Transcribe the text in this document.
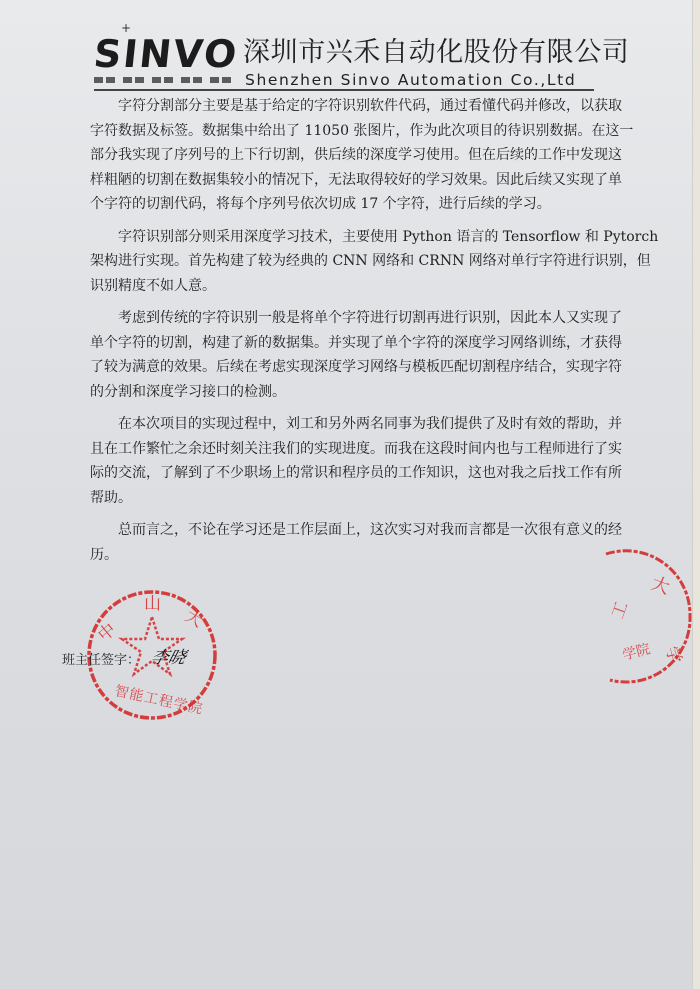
+
SINVO 深圳市兴禾自动化股份有限公司
Shenzhen Sinvo Automation Co.,Ltd
字符分割部分主要是基于给定的字符识别软件代码，通过看懂代码并修改，以获取
字符数据及标签。数据集中给出了 11050 张图片，作为此次项目的待识别数据。在这一
部分我实现了序列号的上下行切割，供后续的深度学习使用。但在后续的工作中发现这
样粗陋的切割在数据集较小的情况下，无法取得较好的学习效果。因此后续又实现了单
个字符的切割代码，将每个序列号依次切成 17 个字符，进行后续的学习。
字符识别部分则采用深度学习技术，主要使用 Python 语言的 Tensorflow 和 Pytorch
架构进行实现。首先构建了较为经典的 CNN 网络和 CRNN 网络对单行字符进行识别，但
识别精度不如人意。
考虑到传统的字符识别一般是将单个字符进行切割再进行识别，因此本人又实现了
单个字符的切割，构建了新的数据集。并实现了单个字符的深度学习网络训练，才获得
了较为满意的效果。后续在考虑实现深度学习网络与模板匹配切割程序结合，实现字符
的分割和深度学习接口的检测。
在本次项目的实现过程中，刘工和另外两名同事为我们提供了及时有效的帮助，并
且在工作繁忙之余还时刻关注我们的实现进度。而我在这段时间内也与工程师进行了实
际的交流，了解到了不少职场上的常识和程序员的工作知识，这也对我之后找工作有所
帮助。
总而言之，不论在学习还是工作层面上，这次实习对我而言都是一次很有意义的经
历。
中
山
大
智能工程学院
大
学
工
学院
班主任签字： 李晓
